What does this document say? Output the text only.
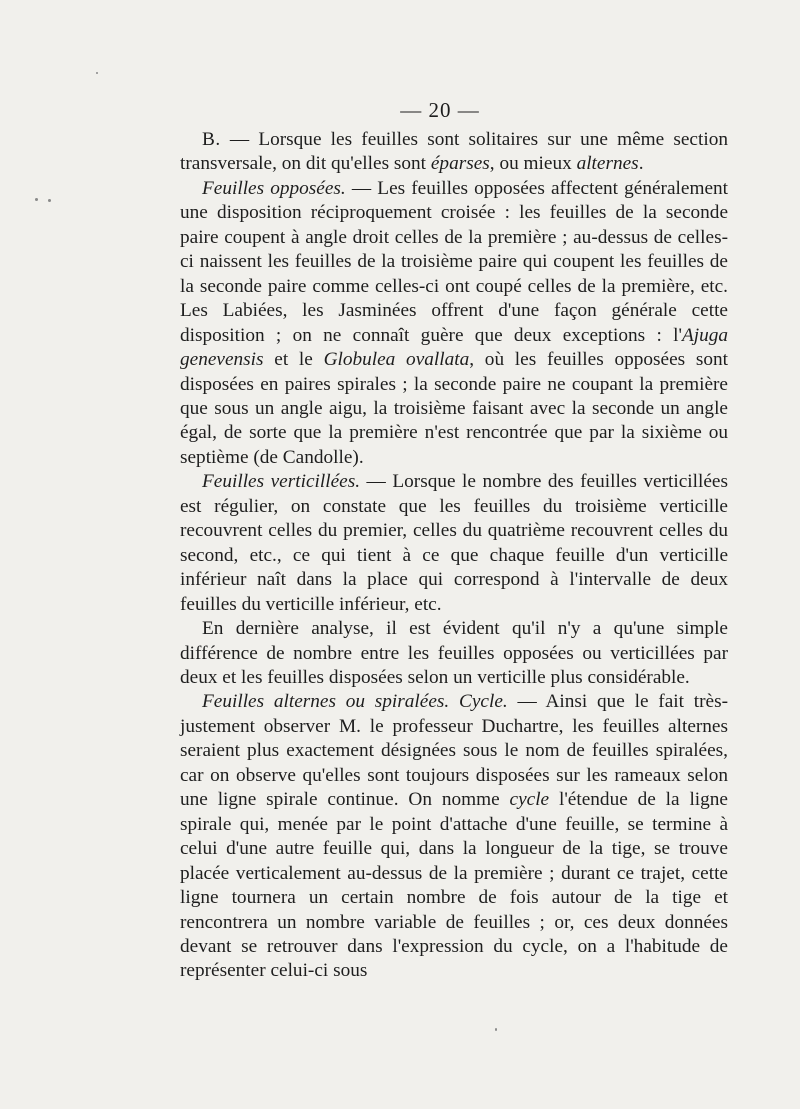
— 20 —

B. — Lorsque les feuilles sont solitaires sur une même section transversale, on dit qu'elles sont éparses, ou mieux alternes.

Feuilles opposées. — Les feuilles opposées affectent généralement une disposition réciproquement croisée : les feuilles de la seconde paire coupent à angle droit celles de la première ; au-dessus de celles-ci naissent les feuilles de la troisième paire qui coupent les feuilles de la seconde paire comme celles-ci ont coupé celles de la première, etc. Les Labiées, les Jasminées offrent d'une façon générale cette disposition ; on ne connaît guère que deux exceptions : l'Ajuga genevensis et le Globulea ovallata, où les feuilles opposées sont disposées en paires spirales ; la seconde paire ne coupant la première que sous un angle aigu, la troisième faisant avec la seconde un angle égal, de sorte que la première n'est rencontrée que par la sixième ou septième (de Candolle).

Feuilles verticillées. — Lorsque le nombre des feuilles verticillées est régulier, on constate que les feuilles du troisième verticille recouvrent celles du premier, celles du quatrième recouvrent celles du second, etc., ce qui tient à ce que chaque feuille d'un verticille inférieur naît dans la place qui correspond à l'intervalle de deux feuilles du verticille inférieur, etc.

En dernière analyse, il est évident qu'il n'y a qu'une simple différence de nombre entre les feuilles opposées ou verticillées par deux et les feuilles disposées selon un verticille plus considérable.

Feuilles alternes ou spiralées. Cycle. — Ainsi que le fait très-justement observer M. le professeur Duchartre, les feuilles alternes seraient plus exactement désignées sous le nom de feuilles spiralées, car on observe qu'elles sont toujours disposées sur les rameaux selon une ligne spirale continue. On nomme cycle l'étendue de la ligne spirale qui, menée par le point d'attache d'une feuille, se termine à celui d'une autre feuille qui, dans la longueur de la tige, se trouve placée verticalement au-dessus de la première ; durant ce trajet, cette ligne tournera un certain nombre de fois autour de la tige et rencontrera un nombre variable de feuilles ; or, ces deux données devant se retrouver dans l'expression du cycle, on a l'habitude de représenter celui-ci sous
